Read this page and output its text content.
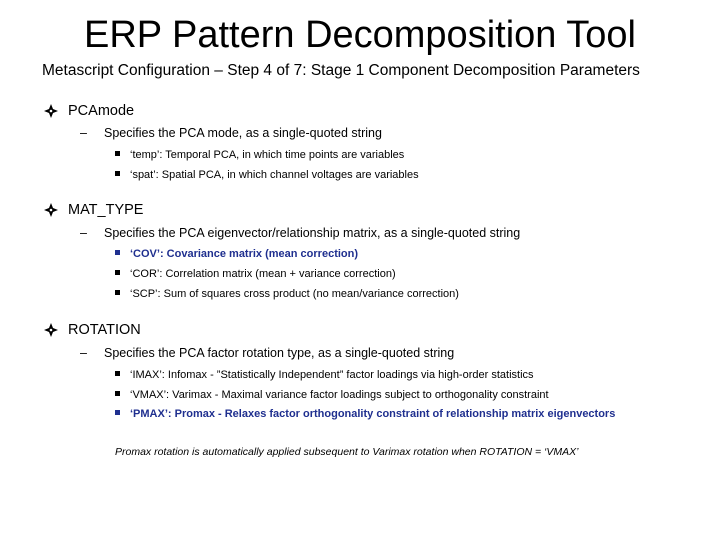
ERP Pattern Decomposition Tool
Metascript Configuration – Step 4 of 7: Stage 1 Component Decomposition Parameters
PCAmode
– Specifies the PCA mode, as a single-quoted string
‘temp’: Temporal PCA, in which time points are variables
‘spat’: Spatial PCA, in which channel voltages are variables
MAT_TYPE
– Specifies the PCA eigenvector/relationship matrix, as a single-quoted string
‘COV’: Covariance matrix (mean correction)
‘COR’: Correlation matrix (mean + variance correction)
‘SCP’: Sum of squares cross product (no mean/variance correction)
ROTATION
– Specifies the PCA factor rotation type, as a single-quoted string
‘IMAX’: Infomax - ”Statistically Independent” factor loadings via high-order statistics
‘VMAX’: Varimax - Maximal variance factor loadings subject to orthogonality constraint
‘PMAX’: Promax - Relaxes factor orthogonality constraint of relationship matrix eigenvectors
Promax rotation is automatically applied subsequent to Varimax rotation when ROTATION = ‘VMAX’
